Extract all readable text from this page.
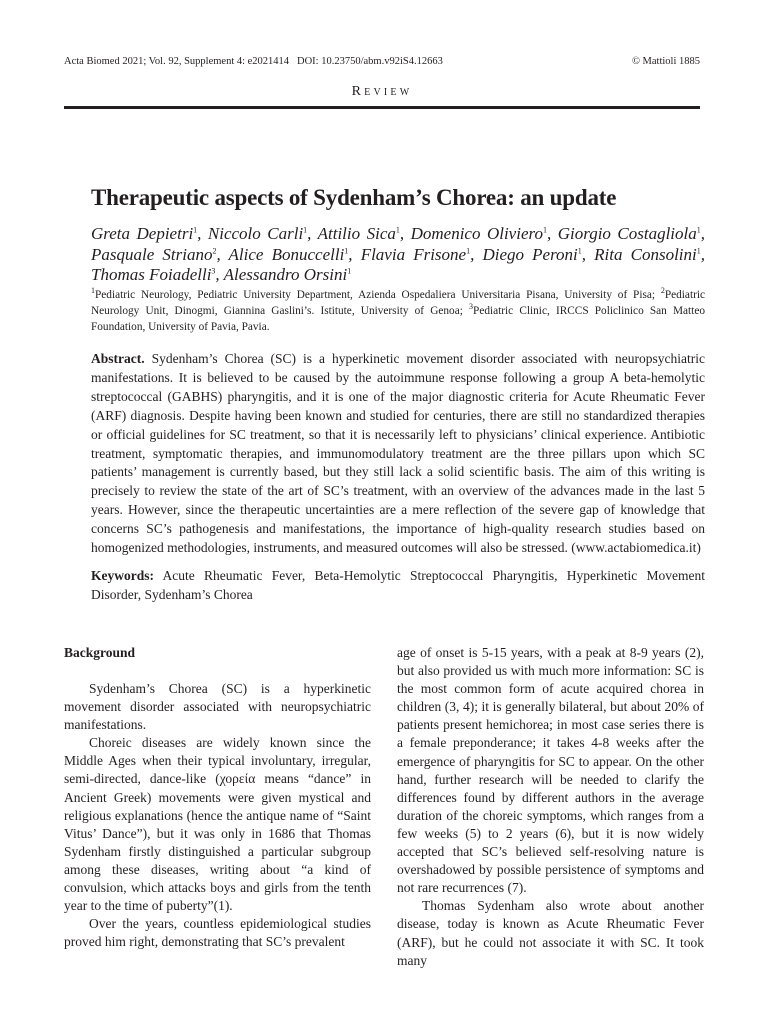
Acta Biomed 2021; Vol. 92, Supplement 4: e2021414 DOI: 10.23750/abm.v92iS4.12663	© Mattioli 1885
Review
Therapeutic aspects of Sydenham’s Chorea: an update

Greta Depietri$^1$, Niccolo Carli$^1$, Attilio Sica$^1$, Domenico Oliviero$^1$, Giorgio Costagliola$^1$, Pasquale Striano$^2$, Alice Bonuccelli$^1$, Flavia Frisone$^1$, Diego Peroni$^1$, Rita Consolini$^1$, Thomas Foiadelli$^3$, Alessandro Orsini$^1$

$^1$Pediatric Neurology, Pediatric University Department, Azienda Ospedaliera Universitaria Pisana, University of Pisa; $^2$Pediatric Neurology Unit, Dinogmi, Giannina Gaslini’s. Istitute, University of Genoa; $^3$Pediatric Clinic, IRCCS Policlinico San Matteo Foundation, University of Pavia, Pavia.

Abstract. Sydenham’s Chorea (SC) is a hyperkinetic movement disorder associated with neuropsychiatric manifestations. It is believed to be caused by the autoimmune response following a group A beta-hemolytic streptococcal (GABHS) pharyngitis, and it is one of the major diagnostic criteria for Acute Rheumatic Fever (ARF) diagnosis. Despite having been known and studied for centuries, there are still no standardized therapies or official guidelines for SC treatment, so that it is necessarily left to physicians’ clinical experience. Antibiotic treatment, symptomatic therapies, and immunomodulatory treatment are the three pillars upon which SC patients’ management is currently based, but they still lack a solid scientific basis. The aim of this writing is precisely to review the state of the art of SC’s treatment, with an overview of the advances made in the last 5 years. However, since the therapeutic uncertainties are a mere reflection of the severe gap of knowledge that concerns SC’s pathogenesis and manifestations, the importance of high-quality research studies based on homogenized methodologies, instruments, and measured outcomes will also be stressed. (www.actabiomedica.it)

Keywords: Acute Rheumatic Fever, Beta-Hemolytic Streptococcal Pharyngitis, Hyperkinetic Movement Disorder, Sydenham’s Chorea

Background

Sydenham’s Chorea (SC) is a hyperkinetic movement disorder associated with neuropsychiatric manifestations.

Choreic diseases are widely known since the Middle Ages when their typical involuntary, irregular, semi-directed, dance-like (χορεία means “dance” in Ancient Greek) movements were given mystical and religious explanations (hence the antique name of “Saint Vitus’ Dance”), but it was only in 1686 that Thomas Sydenham firstly distinguished a particular subgroup among these diseases, writing about “a kind of convulsion, which attacks boys and girls from the tenth year to the time of puberty”(1).

Over the years, countless epidemiological studies proved him right, demonstrating that SC’s prevalent

age of onset is 5-15 years, with a peak at 8-9 years (2), but also provided us with much more information: SC is the most common form of acute acquired chorea in children (3, 4); it is generally bilateral, but about 20% of patients present hemichorea; in most case series there is a female preponderance; it takes 4-8 weeks after the emergence of pharyngitis for SC to appear. On the other hand, further research will be needed to clarify the differences found by different authors in the average duration of the choreic symptoms, which ranges from a few weeks (5) to 2 years (6), but it is now widely accepted that SC’s believed self-resolving nature is overshadowed by possible persistence of symptoms and not rare recurrences (7).

Thomas Sydenham also wrote about another disease, today is known as Acute Rheumatic Fever (ARF), but he could not associate it with SC. It took many
